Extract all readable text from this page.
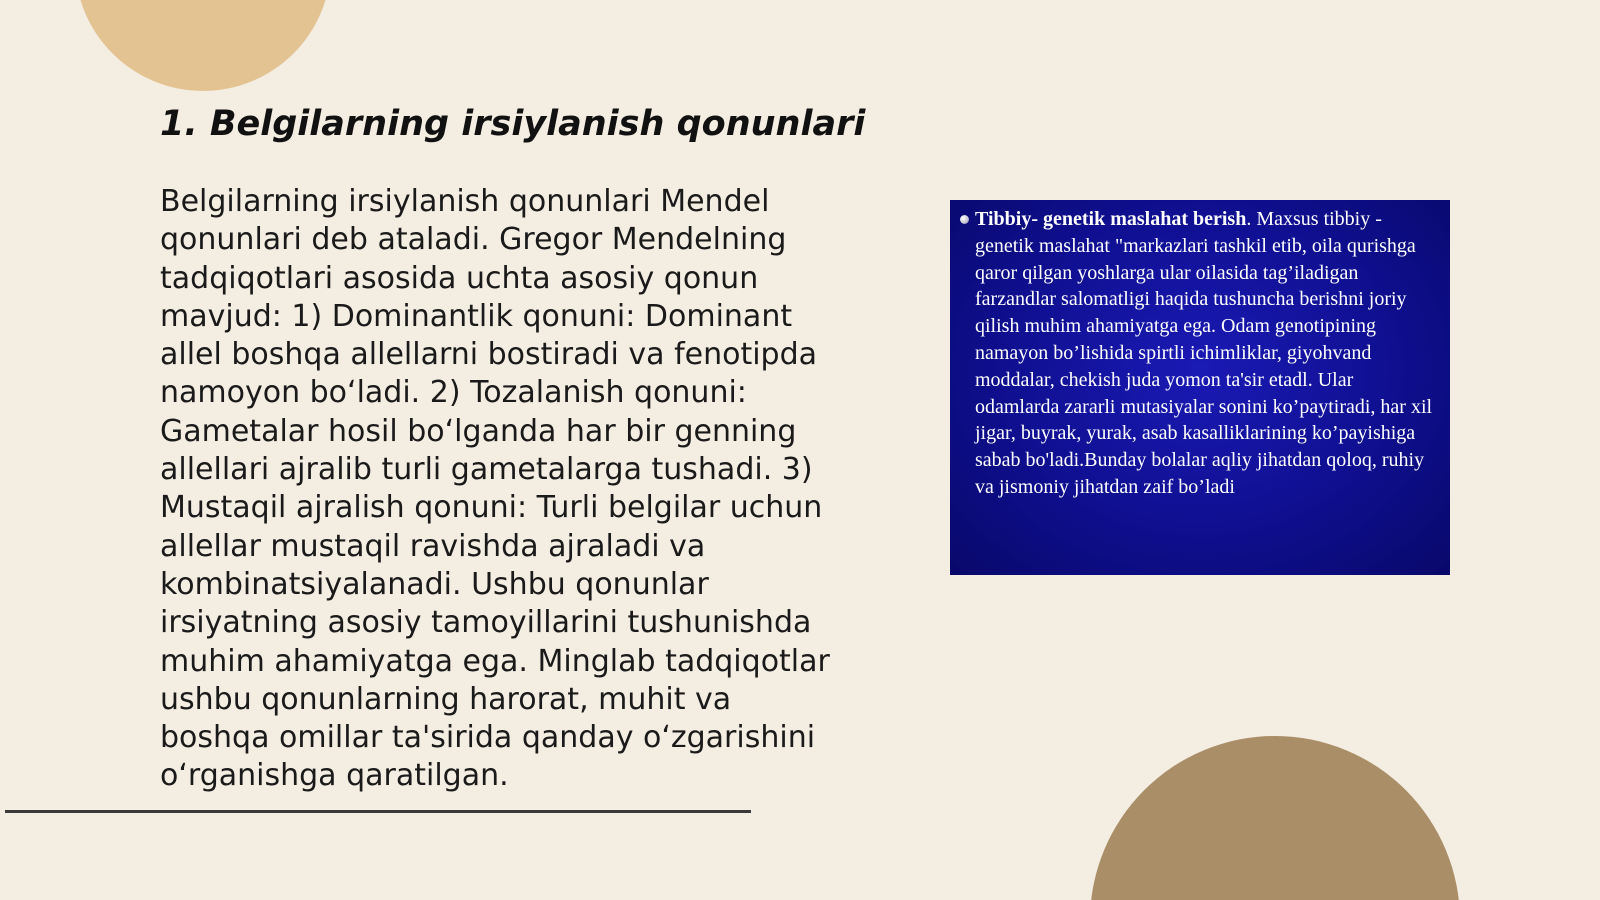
1. Belgilarning irsiylanish qonunlari

Belgilarning irsiylanish qonunlari Mendel qonunlari deb ataladi. Gregor Mendelning tadqiqotlari asosida uchta asosiy qonun mavjud: 1) Dominantlik qonuni: Dominant allel boshqa allellarni bostiradi va fenotipda namoyon bo‘ladi. 2) Tozalanish qonuni: Gametalar hosil bo‘lganda har bir genning allellari ajralib turli gametalarga tushadi. 3) Mustaqil ajralish qonuni: Turli belgilar uchun allellar mustaqil ravishda ajraladi va kombinatsiyalanadi. Ushbu qonunlar irsiyatning asosiy tamoyillarini tushunishda muhim ahamiyatga ega. Minglab tadqiqotlar ushbu qonunlarning harorat, muhit va boshqa omillar ta'sirida qanday o‘zgarishini o‘rganishga qaratilgan.

Tibbiy- genetik maslahat berish. Maxsus tibbiy - genetik maslahat "markazlari tashkil etib, oila qurishga qaror qilgan yoshlarga ular oilasida tag’iladigan farzandlar salomatligi haqida tushuncha berishni joriy qilish muhim ahamiyatga ega. Odam genotipining namayon bo’lishida spirtli ichimliklar, giyohvand moddalar, chekish juda yomon ta'sir etadl. Ular odamlarda zararli mutasiyalar sonini ko’paytiradi, har xil jigar, buyrak, yurak, asab kasalliklarining ko’payishiga sabab bo'ladi.Bunday bolalar aqliy jihatdan qoloq, ruhiy va jismoniy jihatdan zaif bo’ladi
